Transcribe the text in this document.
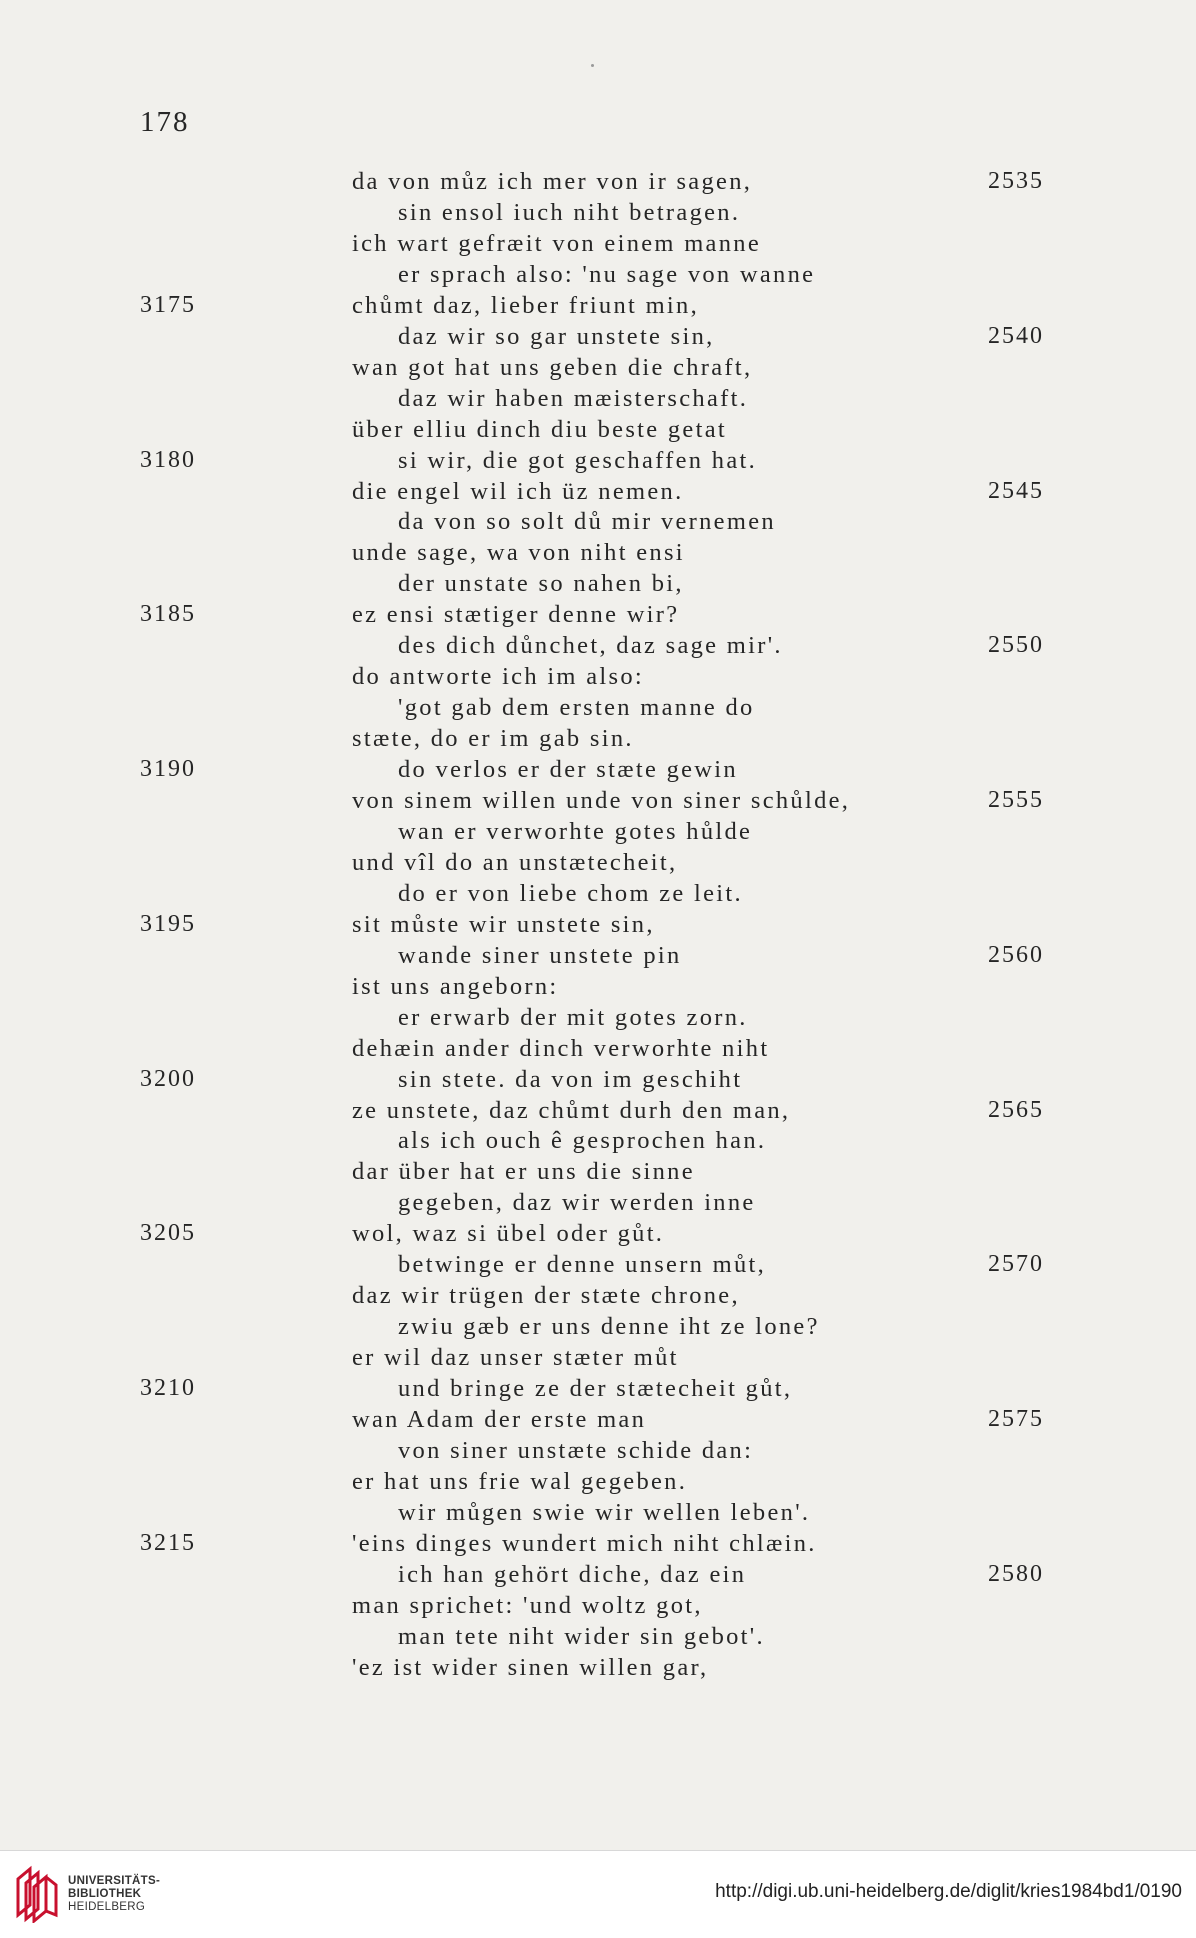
178
da von můz ich mer von ir sagen,	2535
sin ensol iuch niht betragen.
ich wart gefræit von einem manne
er sprach also: 'nu sage von wanne
3175	chůmt daz, lieber friunt min,
daz wir so gar unstete sin,	2540
wan got hat uns geben die chraft,
daz wir haben mæisterschaft.
über elliu dinch diu beste getat
3180	si wir, die got geschaffen hat.
die engel wil ich üz nemen.	2545
da von so solt dů mir vernemen
unde sage, wa von niht ensi
der unstate so nahen bi,
3185	ez ensi stætiger denne wir?
des dich důnchet, daz sage mir'.	2550
do antworte ich im also:
'got gab dem ersten manne do
stæte, do er im gab sin.
3190	do verlos er der stæte gewin
von sinem willen unde von siner schůlde,	2555
wan er verworhte gotes hůlde
und vîl do an unstætecheit,
do er von liebe chom ze leit.
3195	sit můste wir unstete sin,
wande siner unstete pin	2560
ist uns angeborn:
er erwarb der mit gotes zorn.
dehæin ander dinch verworhte niht
3200	sin stete. da von im geschiht
ze unstete, daz chůmt durh den man,	2565
als ich ouch ê gesprochen han.
dar über hat er uns die sinne
gegeben, daz wir werden inne
3205	wol, waz si übel oder gůt.
betwinge er denne unsern můt,	2570
daz wir trügen der stæte chrone,
zwiu gæb er uns denne iht ze lone?
er wil daz unser stæter můt
3210	und bringe ze der stætecheit gůt,
wan Adam der erste man	2575
von siner unstæte schide dan:
er hat uns frie wal gegeben.
wir můgen swie wir wellen leben'.
3215	'eins dinges wundert mich niht chlæin.
ich han gehört diche, daz ein	2580
man sprichet: 'und woltz got,
man tete niht wider sin gebot'.
'ez ist wider sinen willen gar,
UNIVERSITÄTS-
BIBLIOTHEK
HEIDELBERG
http://digi.ub.uni-heidelberg.de/diglit/kries1984bd1/0190
